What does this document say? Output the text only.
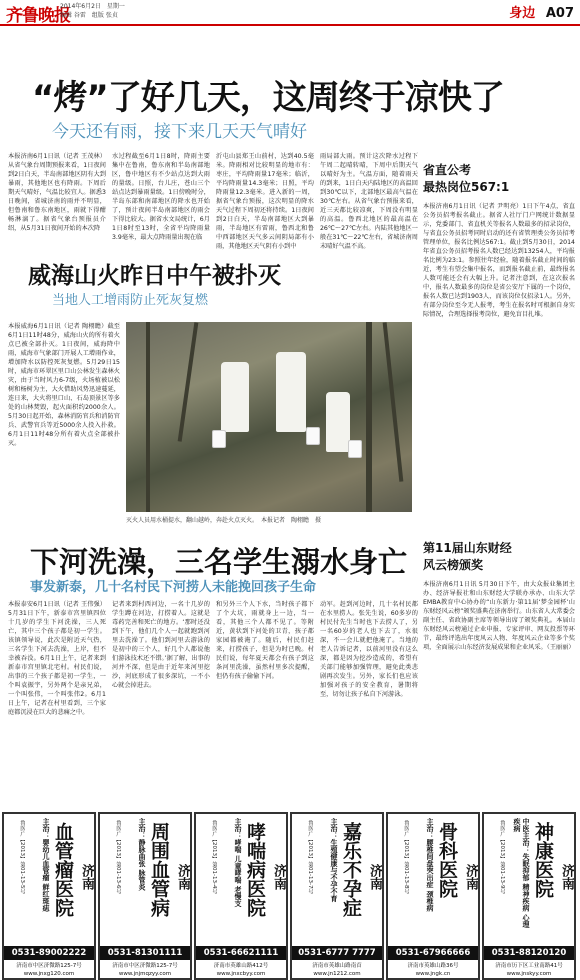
齐鲁晚报
2014年6月2日　星期一
编辑 谷雷　组版 张贞	身边 A07
“烤”了好几天，这周终于凉快了
今天还有雨，接下来几天天气晴好
本报济南6月1日讯（记者 王茂林）从省气象台周期预报来看，1日夜间到2日白天，半岛南部地区阴有大到暴雨，其他地区也有降雨。下周后期天气晴好，气温比较宜人。据悉3日晚间，省城济南的雨并不明显，但鲁南和鲁东南地区，雨就下得酣畅淋漓了。据省气象台预报员介绍，从5月31日夜间开始的本次降
水过程截至6月1日8时，降雨主要集中在鲁南，鲁东南和半岛南部地区，鲁中地区有不少站点达到大雨的量级。日照，台儿庄，苍山三个站点达到暴雨量级。1日傍晚时分，半岛东部和南部地区的降水也开始了，预计夜间半岛南部地区的雨会下得比较大。据省水文局统计，6月1日8时至13时，全省平均降雨量3.9毫米，最大点降雨量出现在临
沂屯山县郑王山前村，达到40.5毫米。降雨相对比较明显的地市有：枣庄，平均降雨量17毫米；临沂，平均降雨量14.3毫米；日照，平均降雨量12.3毫米。进入新的一周，据省气象台预报，这次明显的降水天气过程下周初还将持续。1日夜间到2日白天，半岛南部地区大到暴雨，半岛地区有雷雨，鲁西北和鲁中西部地区天气多云间阴局部有小雨，其他地区天气阴有小到中
雨局部大雨。预计这次降水过程下午周二起晴转晴，下周中后期天气以晴好为主。气温方面，随着雨天的到来，1日白天内陆地区的高温回到30℃以下，北部地区最高气温在30℃左右。从省气象台预报来看，近三天都比较凉爽，下周没有明显的高温。鲁西北地区的最高温在26℃～27℃左右。内陆其他地区一般在31℃～22℃左右，省城济南周末晴好气温不高。
省直公考
最热岗位567:1
本报济南6月1日讯（记者 尹明亮）1日下午4点，省直公务员招考报名截止。据省人社厅门户网统计数据显示，党委部门、省直机关等报名人数最多的招录岗位，与省直公务员招考同时启动的还有省管理类公务员招考管理单位，报名比例达567:1。截止到5月30日，2014年省直公务员招考报名人数已经达到13254人，平均报名比例为23:1。参照往年经验，随着报名截止时间的临近，考生有望会集中报名，而到报名截止前，最终报名人数可能还会有大幅上升。记者注意到，在这次报名中，报名人数最多的岗位是省公安厅下属的一个岗位，报名人数已达到1903人，而该岗位仅招录1人。另外，有部分岗位至今无人报考，考生在报名时可根据自身实际情况，合理选择报考岗位，避免盲目扎堆。
威海山火昨日中午被扑灭
当地人工增雨防止死灰复燃
本报威海6月1日讯（记者 陶栩瞻）截至6月1日11时48分，威海山火的所有着火点已被全部扑灭。1日夜间，威海降中雨，威海市气象部门开展人工增雨作业，增加降水以防控死灰复燃。5月29日15时，威海市环翠区里口山公林发生森林火灾，由于当时风力6-7级，火场植被以松树和杨树为主，大火借助风势迅速蔓延，连日来，大火将里口山、石岛顶景区等多处的山林焚毁，起火面积约2000余人。5月30日起开始，森林消防官兵和消防官兵、武警官兵等近5000余人投入扑救。6月1日11时48分所有着火点全部被扑灭。
灭火人员用水桶提水，翻山越岭，奔赴火点灭火。　本报记者　陶栩瞻　摄
下河洗澡，三名学生溺水身亡
事发新泰，几十名村民下河捞人未能挽回孩子生命
本报泰安6月1日讯（记者 王伟强）5月31日下午，新泰市宫里镇四位十几岁的学生下河洗澡，三人死亡，其中三个孩子都是初一学生。该镇领导说，此次是附近天气热，三名学生下河去洗澡，上岸，但不幸被吞没。6月1日上午，记者来到新泰市宫里镇北宅村。村民们说，出事的三个孩子都是初一学生，一个叫袁振宇，另外两个是亲兄弟，一个叫张伟，一个叫张伟2。6月1日上午，记者在村里看到，三个家庭都沉浸在巨大的悲痛之中。
记者来到村西河边，一名十几岁的学生蹲在河边，打捞着人。这就是毒药完善和死亡的地方。‘那时还没到下午，他们几个人一起就跑到河里去洗澡了。他们到河里去游泳的是初中的三个人，好几个人都说他们游泳技术还不错。’据了解，出事的河并不深，但是由于近年来河里挖沙，河底形成了很多深坑，一不小心就会掉进去。
和另外三个人下水，当时孩子都下了个大坑，雨就身上一边，当一看，其他三个人都不见了。等附近，黄状到下河处的卫青，孩子都家园都被淹了。随后，村民们赶来，打捞孩子，但是为时已晚。村民们说，每年夏天都会有孩子到这条河里洗澡，虽然村里多次提醒，但仍有孩子偷偷下河。
动军。赶到河边时，几十名村民都在水里捞人。张先生说，60多岁的村民付先生当时也下去捞人了，另一名60岁的老人也下去了，水很深，不一会儿就把他淹了。当地的老人告诉记者，以前河里没有这么深，都是因为挖沙造成的，希望有关部门能够加强管理，避免此类悲剧再次发生。另外，家长们也应该加强对孩子的安全教育，暑期将至，切勿让孩子私自下河游泳。
第11届山东财经
风云榜颁奖
本报济南6月1日讯 5月30日下午，由大众报业集团主办、经济导报社和山东财经大学联办承办、山东大学EMBA教育中心协办的“山东新力·第11届‘梦金园杯’山东财经风云榜”颁奖盛典在济南举行。山东省人大常委会副主任、省政协副主席等领导出席了颁奖典礼。本届山东财经风云榜通过企业申报、专家评审、网友投票等环节，最终评选出年度风云人物、年度风云企业等多个奖项，全面展示山东经济发展成果和企业风采。（王丽丽）
鲁医广【2013】第01-13-5号	主治：婴幼儿血管瘤 鲜红斑痣 血管瘤医院 济南
0531-89002222
济南市中区济微路125-7号
www.jnxg120.com
鲁医广【2013】第01-13-6号	主治：静脉曲张 脉管炎 周围血管病
济南
0531-81301111
济南市中区济微路125-7号
www.jnjmqzyy.com
鲁医广【2013】第01-13-4号	主治：哮喘 儿童哮喘 老慢支 哮喘病医院 济南
0531-66621111
济南市英雄山路412号
www.jnxcbyy.com
鲁医广【2013】第01-13-7号	主治：生殖健康与不孕不育 嘉乐不孕症
济南
0531-6777 7777
济南市英雄山路南首
www.jn1212.com
鲁医广【2013】第01-13-8号	主治：腰椎间盘突出症 颈椎病 骨科医院 济南
0531-67966666
济南市英雄山路36号
www.jngk.cn
鲁医广【2013】第01-13-9号	中医主治：失眠抑郁 精神疾病 心理疾病 神康医院 济南
0531-88120120
济南市历下区工业南路41号
www.jnskyy.com
